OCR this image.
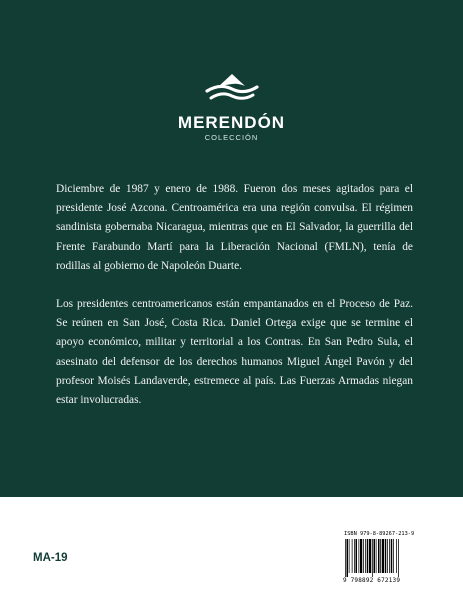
MERENDÓN
COLECCIÓN

Diciembre de 1987 y enero de 1988. Fueron dos meses agitados para el presidente José Azcona. Centroamérica era una región convulsa. El régimen sandinista gobernaba Nicaragua, mientras que en El Salvador, la guerrilla del Frente Farabundo Martí para la Liberación Nacional (FMLN), tenía de rodillas al gobierno de Napoleón Duarte.

Los presidentes centroamericanos están empantanados en el Proceso de Paz. Se reúnen en San José, Costa Rica. Daniel Ortega exige que se termine el apoyo económico, militar y territorial a los Contras. En San Pedro Sula, el asesinato del defensor de los derechos humanos Miguel Ángel Pavón y del profesor Moisés Landaverde, estremece al país. Las Fuerzas Armadas niegan estar involucradas.

MA-19
ISBN 979-8-89267-213-9
9 798892 672139
